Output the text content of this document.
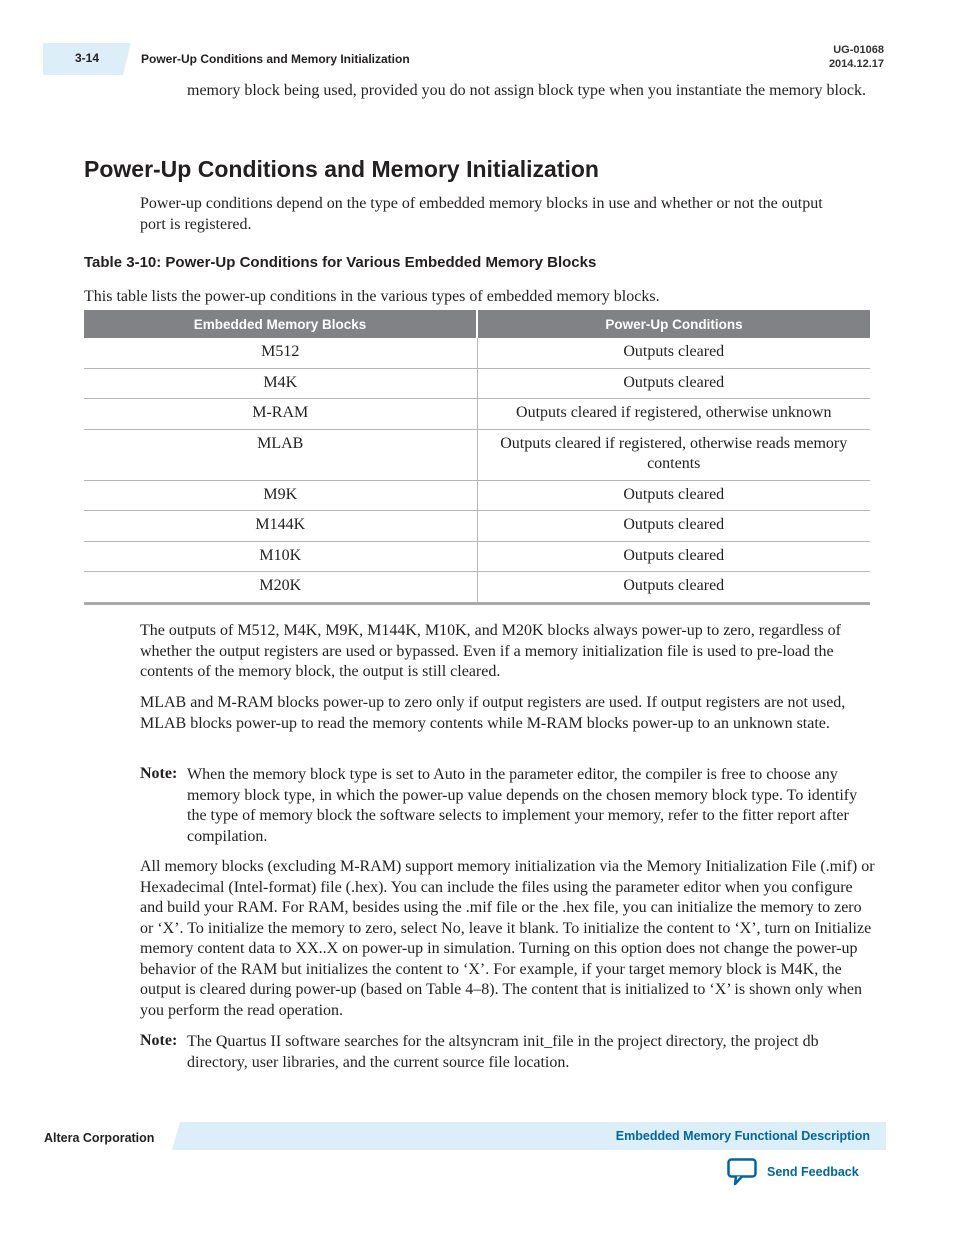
3-14	Power-Up Conditions and Memory Initialization
UG-01068
2014.12.17

memory block being used, provided you do not assign block type when you instantiate the memory block.

Power-Up Conditions and Memory Initialization

Power-up conditions depend on the type of embedded memory blocks in use and whether or not the output port is registered.

Table 3-10: Power-Up Conditions for Various Embedded Memory Blocks

This table lists the power-up conditions in the various types of embedded memory blocks.

Embedded Memory Blocks	Power-Up Conditions
M512	Outputs cleared
M4K	Outputs cleared
M-RAM	Outputs cleared if registered, otherwise unknown
MLAB	Outputs cleared if registered, otherwise reads memory contents
M9K	Outputs cleared
M144K	Outputs cleared
M10K	Outputs cleared
M20K	Outputs cleared

The outputs of M512, M4K, M9K, M144K, M10K, and M20K blocks always power-up to zero, regardless of whether the output registers are used or bypassed. Even if a memory initialization file is used to pre-load the contents of the memory block, the output is still cleared.

MLAB and M-RAM blocks power-up to zero only if output registers are used. If output registers are not used, MLAB blocks power-up to read the memory contents while M-RAM blocks power-up to an unknown state.

Note: When the memory block type is set to Auto in the parameter editor, the compiler is free to choose any memory block type, in which the power-up value depends on the chosen memory block type. To identify the type of memory block the software selects to implement your memory, refer to the fitter report after compilation.

All memory blocks (excluding M-RAM) support memory initialization via the Memory Initialization File (.mif) or Hexadecimal (Intel-format) file (.hex). You can include the files using the parameter editor when you configure and build your RAM. For RAM, besides using the .mif file or the .hex file, you can initialize the memory to zero or ‘X’. To initialize the memory to zero, select No, leave it blank. To initialize the content to ‘X’, turn on Initialize memory content data to XX..X on power-up in simulation. Turning on this option does not change the power-up behavior of the RAM but initializes the content to ‘X’. For example, if your target memory block is M4K, the output is cleared during power-up (based on Table 4–8). The content that is initialized to ‘X’ is shown only when you perform the read operation.

Note: The Quartus II software searches for the altsyncram init_file in the project directory, the project db directory, user libraries, and the current source file location.

Altera Corporation	Embedded Memory Functional Description
Send Feedback
